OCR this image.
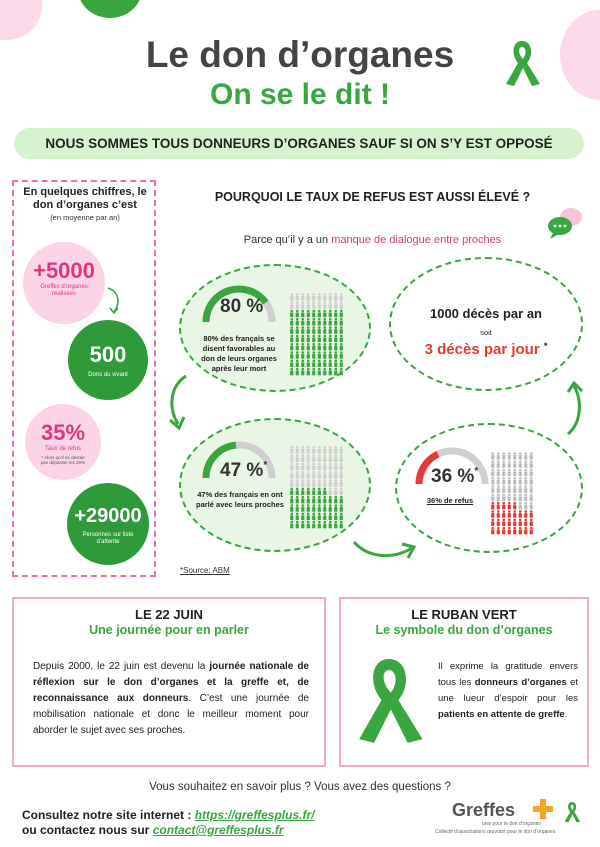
Le don d’organes
On se le dit !
NOUS SOMMES TOUS DONNEURS D’ORGANES SAUF SI ON S’Y EST OPPOSÉ
En quelques chiffres, le don d’organes c’est
(en moyenne par an)
+5000
Greffes d’organes réalisées
500
Dons du vivant
35%
Taux de refus
* Alors qu’il ne devrait pas dépasser les 20%
+29000
Personnes sur liste d’attente
POURQUOI LE TAUX DE REFUS EST AUSSI ÉLEVÉ ?
Parce qu’il y a un manque de dialogue entre proches
80 %
80% des français se disent favorables au don de leurs organes après leur mort
1000 décès par an
soit
3 décès par jour *
47 %*
47% des français en ont parlé avec leurs proches
36 %*
36% de refus
*Source: ABM
LE 22 JUIN
Une journée pour en parler
Depuis 2000, le 22 juin est devenu la journée nationale de réflexion sur le don d’organes et la greffe et, de reconnaissance aux donneurs. C’est une journée de mobilisation nationale et donc le meilleur moment pour aborder le sujet avec ses proches.
LE RUBAN VERT
Le symbole du don d’organes
Il exprime la gratitude envers tous les donneurs d’organes et une lueur d’espoir pour les patients en attente de greffe.
Vous souhaitez en savoir plus ? Vous avez des questions ?
Consultez notre site internet : https://greffesplus.fr/
ou contactez nous sur contact@greffesplus.fr
Greffes
unis pour le don d’organes
Collectif d’associations œuvrant pour le don d’organes
